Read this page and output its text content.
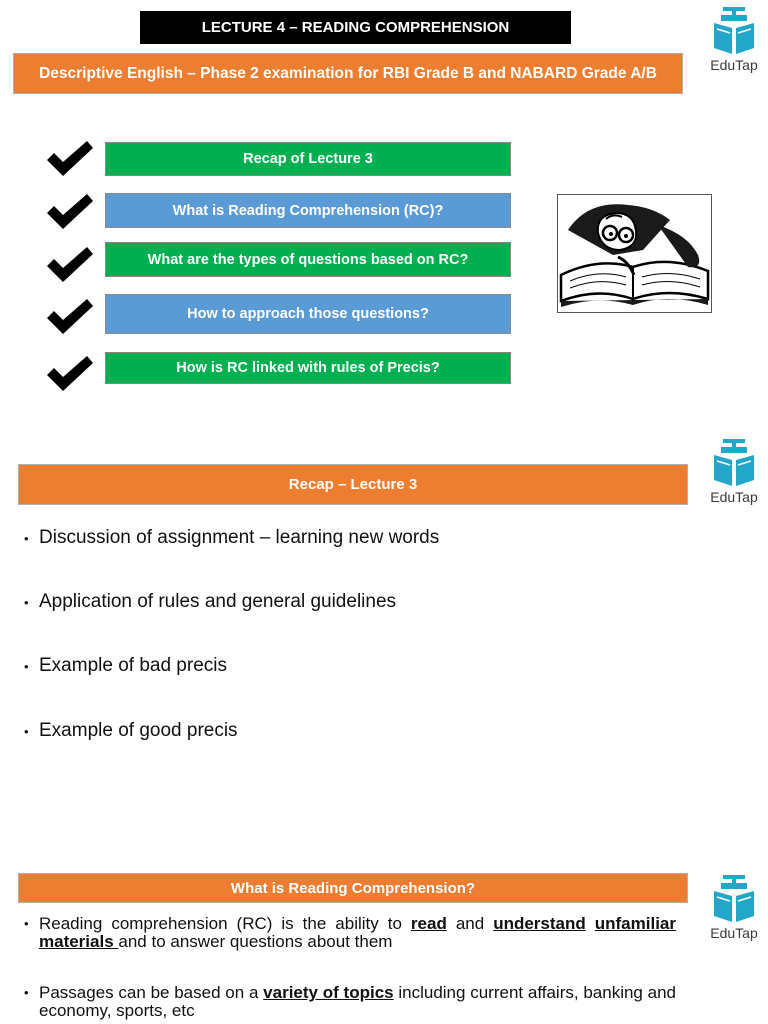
LECTURE 4 – READING COMPREHENSION
Descriptive English – Phase 2 examination for RBI Grade B and NABARD Grade A/B	EduTap
Recap of Lecture 3
What is Reading Comprehension (RC)?
What are the types of questions based on RC?
How to approach those questions?
How is RC linked with rules of Precis?
Recap – Lecture 3
EduTap
• Discussion of assignment – learning new words
• Application of rules and general guidelines
• Example of bad precis
• Example of good precis
What is Reading Comprehension?
EduTap
• Reading comprehension (RC) is the ability to read and understand unfamiliar materials and to answer questions about them
• Passages can be based on a variety of topics including current affairs, banking and economy, sports, etc
